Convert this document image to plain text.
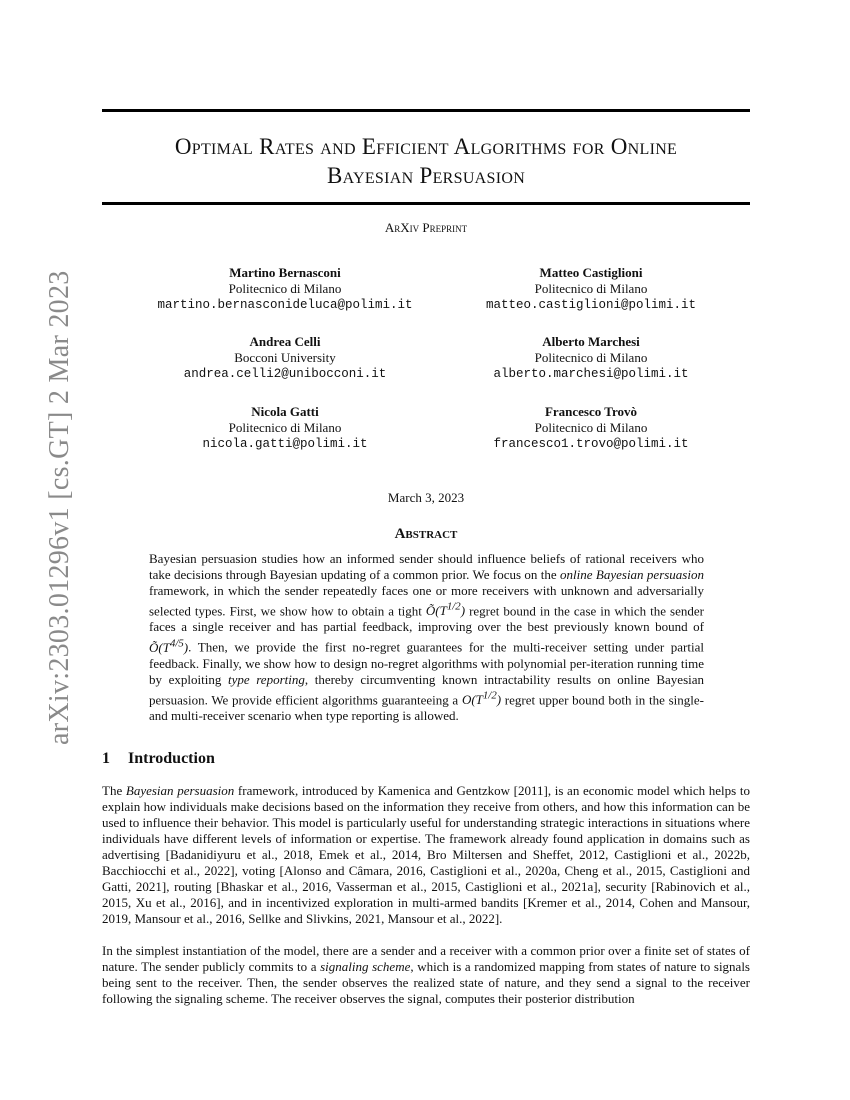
arXiv:2303.01296v1 [cs.GT] 2 Mar 2023
Optimal Rates and Efficient Algorithms for Online
Bayesian Persuasion
ArXiv Preprint
Martino Bernasconi
Politecnico di Milano
martino.bernasconideluca@polimi.it
Matteo Castiglioni
Politecnico di Milano
matteo.castiglioni@polimi.it
Andrea Celli
Bocconi University
andrea.celli2@unibocconi.it
Alberto Marchesi
Politecnico di Milano
alberto.marchesi@polimi.it
Nicola Gatti
Politecnico di Milano
nicola.gatti@polimi.it
Francesco Trovò
Politecnico di Milano
francesco1.trovo@polimi.it
March 3, 2023
Abstract
Bayesian persuasion studies how an informed sender should influence beliefs of rational receivers who take decisions through Bayesian updating of a common prior. We focus on the online Bayesian persuasion framework, in which the sender repeatedly faces one or more receivers with unknown and adversarially selected types. First, we show how to obtain a tight $Õ(T^{1/2})$ regret bound in the case in which the sender faces a single receiver and has partial feedback, improving over the best previously known bound of $Õ(T^{4/5})$. Then, we provide the first no-regret guarantees for the multi-receiver setting under partial feedback. Finally, we show how to design no-regret algorithms with polynomial per-iteration running time by exploiting type reporting, thereby circumventing known intractability results on online Bayesian persuasion. We provide efficient algorithms guaranteeing a $O(T^{1/2})$ regret upper bound both in the single- and multi-receiver scenario when type reporting is allowed.
1 Introduction
The Bayesian persuasion framework, introduced by Kamenica and Gentzkow [2011], is an economic model which helps to explain how individuals make decisions based on the information they receive from others, and how this information can be used to influence their behavior. This model is particularly useful for understanding strategic interactions in situations where individuals have different levels of information or expertise. The framework already found application in domains such as advertising [Badanidiyuru et al., 2018, Emek et al., 2014, Bro Miltersen and Sheffet, 2012, Castiglioni et al., 2022b, Bacchiocchi et al., 2022], voting [Alonso and Câmara, 2016, Castiglioni et al., 2020a, Cheng et al., 2015, Castiglioni and Gatti, 2021], routing [Bhaskar et al., 2016, Vasserman et al., 2015, Castiglioni et al., 2021a], security [Rabinovich et al., 2015, Xu et al., 2016], and in incentivized exploration in multi-armed bandits [Kremer et al., 2014, Cohen and Mansour, 2019, Mansour et al., 2016, Sellke and Slivkins, 2021, Mansour et al., 2022].
In the simplest instantiation of the model, there are a sender and a receiver with a common prior over a finite set of states of nature. The sender publicly commits to a signaling scheme, which is a randomized mapping from states of nature to signals being sent to the receiver. Then, the sender observes the realized state of nature, and they send a signal to the receiver following the signaling scheme. The receiver observes the signal, computes their posterior distribution
